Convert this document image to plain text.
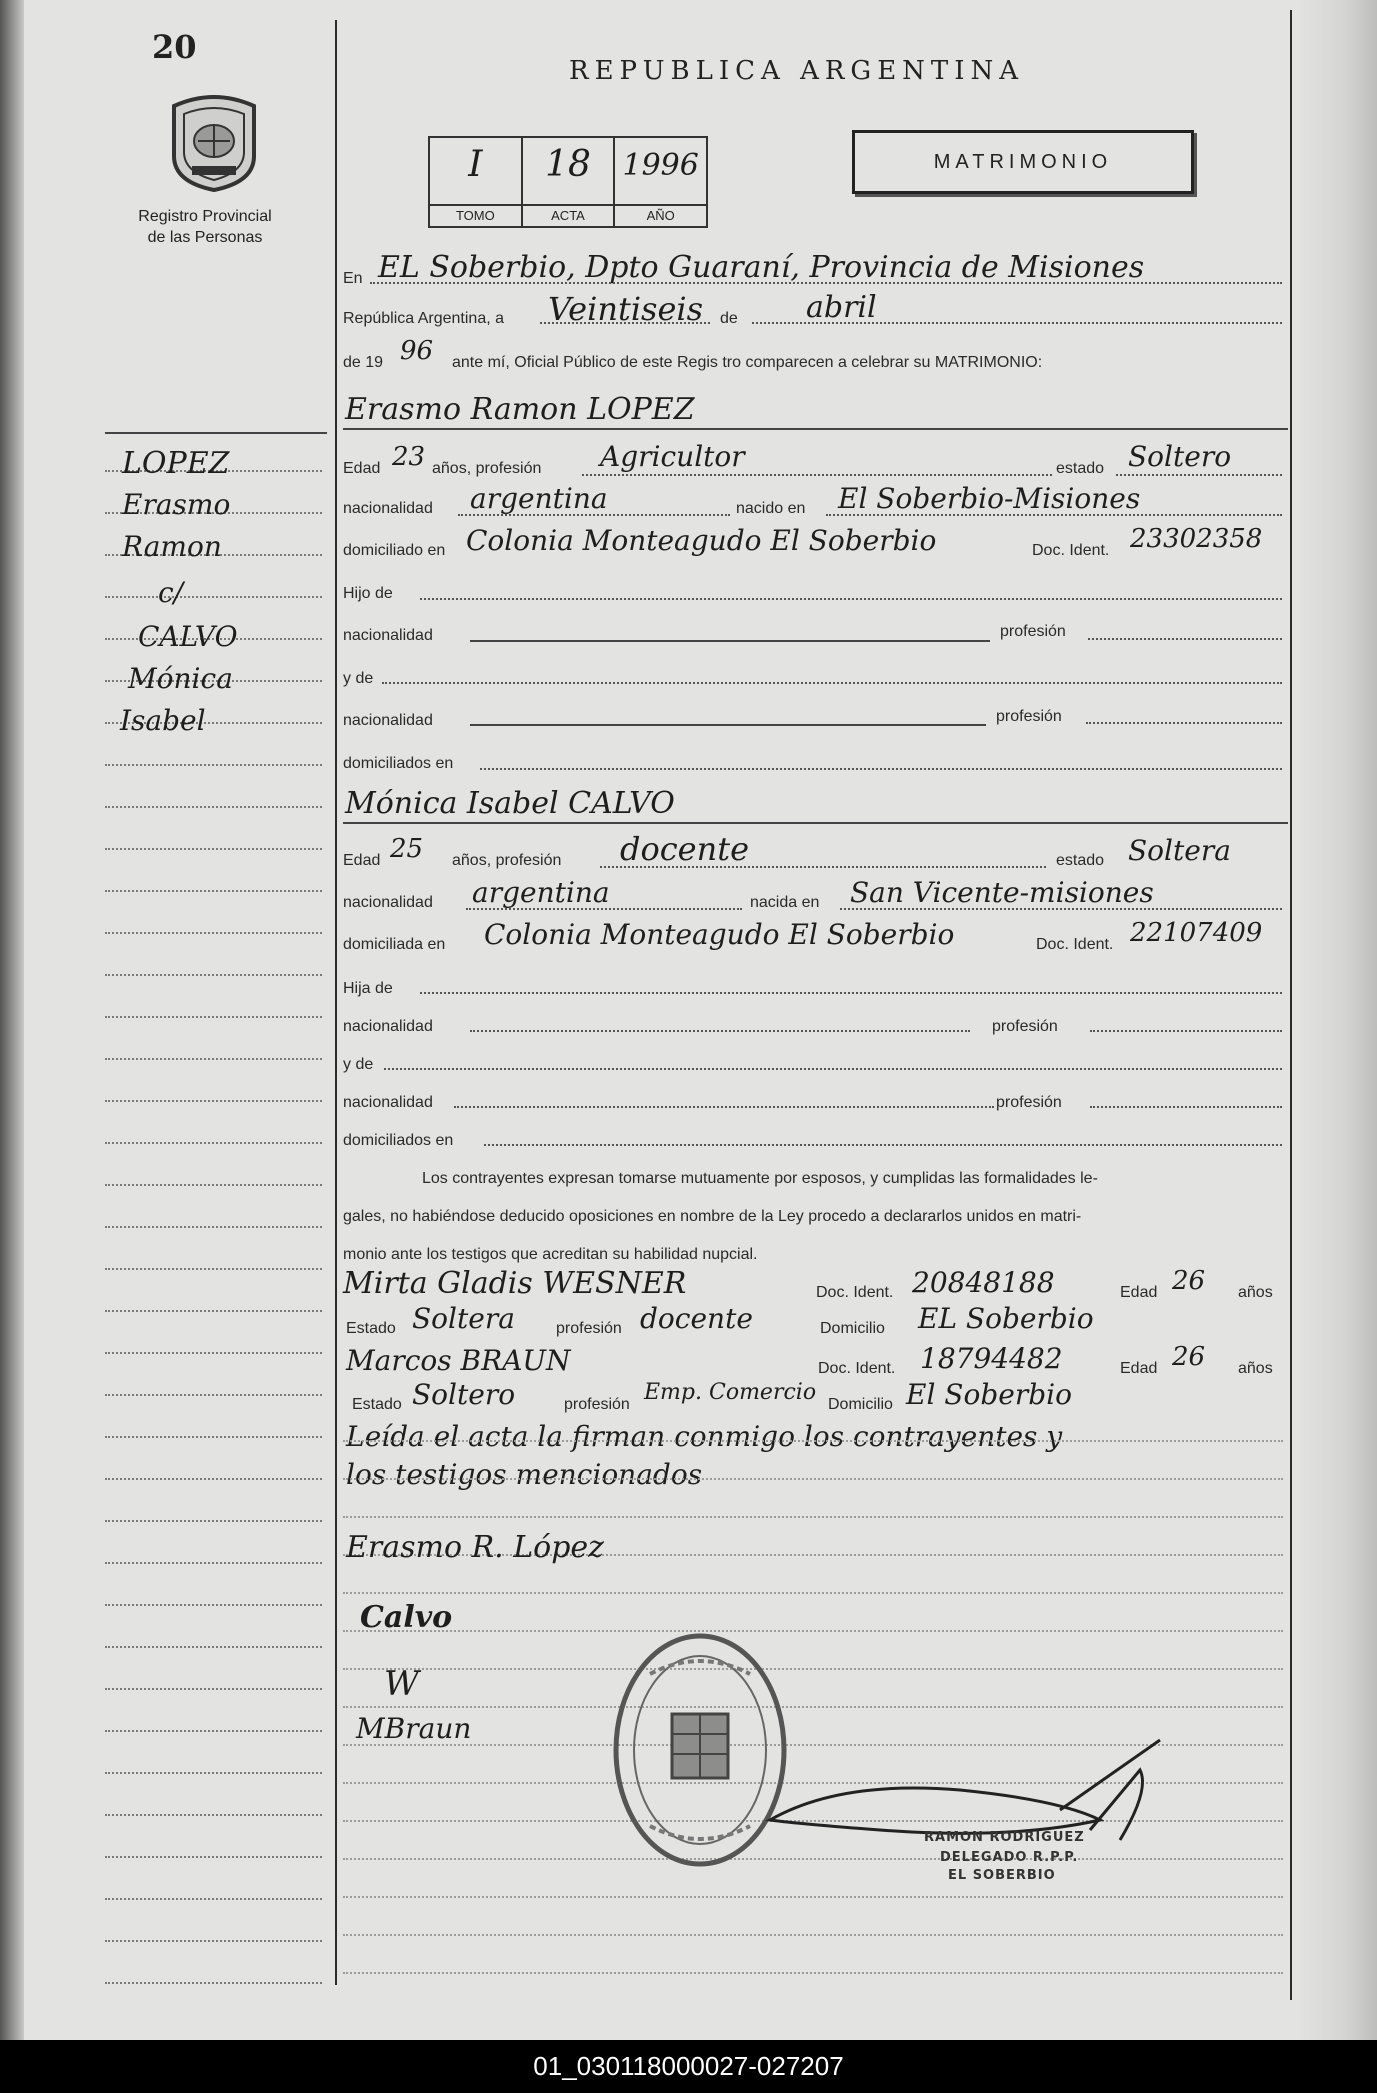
20
Registro Provincial
de las Personas
REPUBLICA ARGENTINA
I
TOMO
18
ACTA
1996
AÑO
MATRIMONIO
LOPEZ
Erasmo
Ramon
c/
CALVO
Mónica
Isabel
En EL Soberbio, Dpto Guaraní, Provincia de Misiones
República Argentina, a Veintiseis de abril
de 19 96 ante mí, Oficial Público de este Regis tro comparecen a celebrar su MATRIMONIO:
Erasmo Ramon LOPEZ
Edad 23 años, profesión Agricultor	estado Soltero
nacionalidad argentina	nacido en El Soberbio-Misiones
domiciliado en Colonia Monteagudo El Soberbio	Doc. Ident. 23302358
Hijo de
nacionalidad	profesión
y de
nacionalidad	profesión
domiciliados en
Mónica Isabel CALVO
Edad 25 años, profesión docente	estado Soltera
nacionalidad argentina	nacida en San Vicente-misiones
domiciliada en Colonia Monteagudo El Soberbio	Doc. Ident. 22107409
Hija de
nacionalidad	profesión
y de
nacionalidad	profesión
domiciliados en
Los contrayentes expresan tomarse mutuamente por esposos, y cumplidas las formalidades le-
gales, no habiéndose deducido oposiciones en nombre de la Ley procedo a declararlos unidos en matri-
monio ante los testigos que acreditan su habilidad nupcial.
Mirta Gladis WESNER	Doc. Ident. 20848188	Edad 26 años
Estado Soltera	profesión docente	Domicilio EL Soberbio
Marcos BRAUN	Doc. Ident. 18794482	Edad 26 años
Estado Soltero	profesión Emp. Comercio Domicilio El Soberbio
Leída el acta la firman conmigo los contrayentes y
los testigos mencionados
Erasmo R. López
Calvo
W
MBraun
RAMON RODRIGUEZ
DELEGADO R.P.P.
EL SOBERBIO
01_030118000027-027207
